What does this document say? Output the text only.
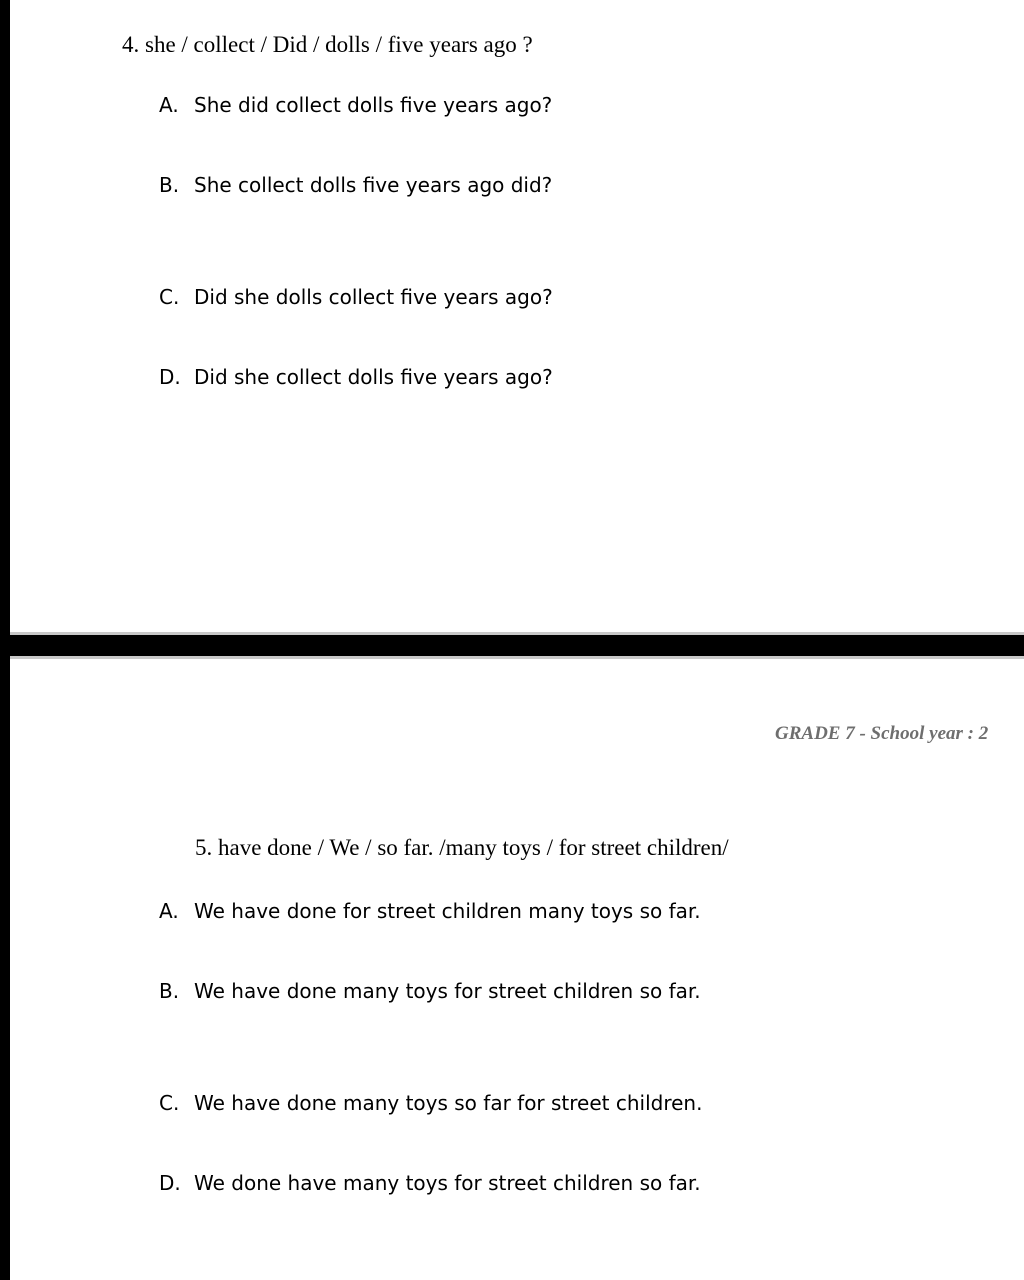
4. she / collect / Did / dolls / five years ago ?
A. She did collect dolls five years ago?
B. She collect dolls five years ago did?
C. Did she dolls collect five years ago?
D. Did she collect dolls five years ago?
GRADE 7 - School year : 2
5. have done / We / so far. /many toys / for street children/
A. We have done for street children many toys so far.
B. We have done many toys for street children so far.
C. We have done many toys so far for street children.
D. We done have many toys for street children so far.
